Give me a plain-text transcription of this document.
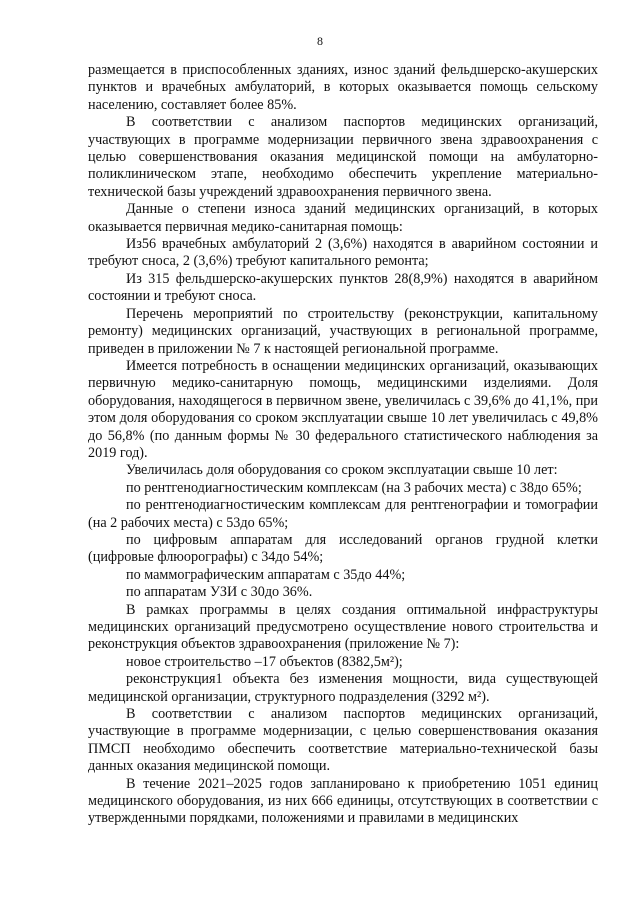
8

размещается в приспособленных зданиях, износ зданий фельдшерско-акушерских пунктов и врачебных амбулаторий, в которых оказывается помощь сельскому населению, составляет более 85%.

В соответствии с анализом паспортов медицинских организаций, участвующих в программе модернизации первичного звена здравоохранения с целью совершенствования оказания медицинской помощи на амбулаторно-поликлиническом этапе, необходимо обеспечить укрепление материально-технической базы учреждений здравоохранения первичного звена.

Данные о степени износа зданий медицинских организаций, в которых оказывается первичная медико-санитарная помощь:

Из56 врачебных амбулаторий 2 (3,6%) находятся в аварийном состоянии и требуют сноса, 2 (3,6%) требуют капитального ремонта;

Из 315 фельдшерско-акушерских пунктов 28(8,9%) находятся в аварийном состоянии и требуют сноса.

Перечень мероприятий по строительству (реконструкции, капитальному ремонту) медицинских организаций, участвующих в региональной программе, приведен в приложении № 7 к настоящей региональной программе.

Имеется потребность в оснащении медицинских организаций, оказывающих первичную медико-санитарную помощь, медицинскими изделиями. Доля оборудования, находящегося в первичном звене, увеличилась с 39,6% до 41,1%, при этом доля оборудования со сроком эксплуатации свыше 10 лет увеличилась с 49,8% до 56,8% (по данным формы № 30 федерального статистического наблюдения за 2019 год).

Увеличилась доля оборудования со сроком эксплуатации свыше 10 лет:

по рентгенодиагностическим комплексам (на 3 рабочих места) с 38до 65%;

по рентгенодиагностическим комплексам для рентгенографии и томографии (на 2 рабочих места) с 53до 65%;

по цифровым аппаратам для исследований органов грудной клетки (цифровые флюорографы) с 34до 54%;

по маммографическим аппаратам с 35до 44%;

по аппаратам УЗИ с 30до 36%.

В рамках программы в целях создания оптимальной инфраструктуры медицинских организаций предусмотрено осуществление нового строительства и реконструкция объектов здравоохранения (приложение № 7):

новое строительство –17 объектов (8382,5м²);

реконструкция1 объекта без изменения мощности, вида существующей медицинской организации, структурного подразделения (3292 м²).

В соответствии с анализом паспортов медицинских организаций, участвующие в программе модернизации, с целью совершенствования оказания ПМСП необходимо обеспечить соответствие материально-технической базы данных оказания медицинской помощи.

В течение 2021–2025 годов запланировано к приобретению 1051 единиц медицинского оборудования, из них 666 единицы, отсутствующих в соответствии с утвержденными порядками, положениями и правилами в медицинских
